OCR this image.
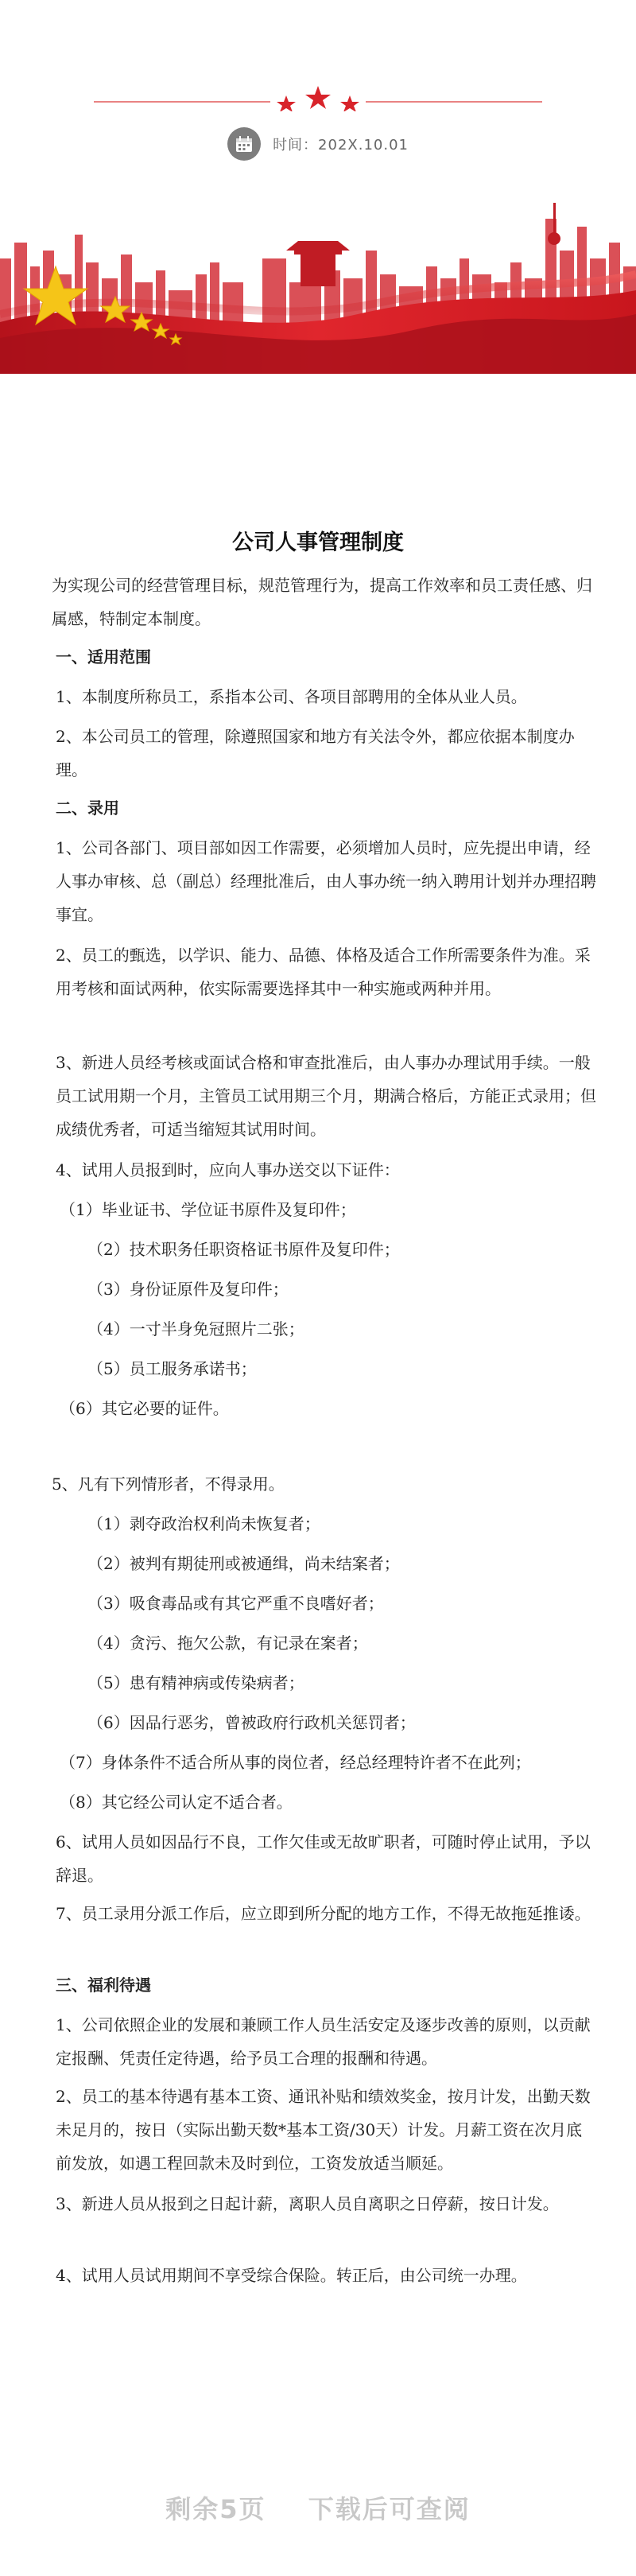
时间：202X.10.01
公司人事管理制度
为实现公司的经营管理目标，规范管理行为，提高工作效率和员工责任感、归属感，特制定本制度。
一、适用范围
1、本制度所称员工，系指本公司、各项目部聘用的全体从业人员。
2、本公司员工的管理，除遵照国家和地方有关法令外，都应依据本制度办理。
二、录用
1、公司各部门、项目部如因工作需要，必须增加人员时，应先提出申请，经人事办审核、总（副总）经理批准后，由人事办统一纳入聘用计划并办理招聘事宜。
2、员工的甄选，以学识、能力、品德、体格及适合工作所需要条件为准。采用考核和面试两种，依实际需要选择其中一种实施或两种并用。
3、新进人员经考核或面试合格和审查批准后，由人事办办理试用手续。一般员工试用期一个月，主管员工试用期三个月，期满合格后，方能正式录用；但成绩优秀者，可适当缩短其试用时间。
4、试用人员报到时，应向人事办送交以下证件：
（1）毕业证书、学位证书原件及复印件；
（2）技术职务任职资格证书原件及复印件；
（3）身份证原件及复印件；
（4）一寸半身免冠照片二张；
（5）员工服务承诺书；
（6）其它必要的证件。
5、凡有下列情形者，不得录用。
（1）剥夺政治权利尚未恢复者；
（2）被判有期徒刑或被通缉，尚未结案者；
（3）吸食毒品或有其它严重不良嗜好者；
（4）贪污、拖欠公款，有记录在案者；
（5）患有精神病或传染病者；
（6）因品行恶劣，曾被政府行政机关惩罚者；
（7）身体条件不适合所从事的岗位者，经总经理特许者不在此列；
（8）其它经公司认定不适合者。
6、试用人员如因品行不良，工作欠佳或无故旷职者，可随时停止试用，予以辞退。
7、员工录用分派工作后，应立即到所分配的地方工作，不得无故拖延推诿。
三、福利待遇
1、公司依照企业的发展和兼顾工作人员生活安定及逐步改善的原则，以贡献定报酬、凭责任定待遇，给予员工合理的报酬和待遇。
2、员工的基本待遇有基本工资、通讯补贴和绩效奖金，按月计发，出勤天数未足月的，按日（实际出勤天数*基本工资/30天）计发。月薪工资在次月底前发放，如遇工程回款未及时到位，工资发放适当顺延。
3、新进人员从报到之日起计薪，离职人员自离职之日停薪，按日计发。
4、试用人员试用期间不享受综合保险。转正后，由公司统一办理。
剩余5页 下载后可查阅
